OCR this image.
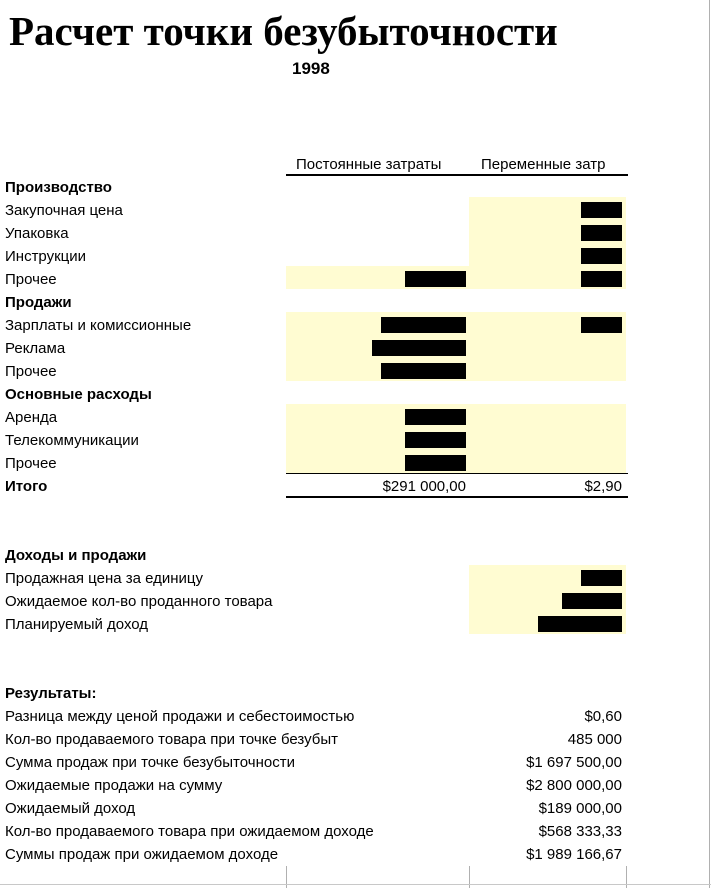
Расчет точки безубыточности
1998
Постоянные затраты	Переменные затр
Производство
Закупочная цена
Упаковка
Инструкции
Прочее
Продажи
Зарплаты и комиссионные
Реклама
Прочее
Основные расходы
Аренда
Телекоммуникации
Прочее
Итого	$291 000,00	$2,90
Доходы и продажи
Продажная цена за единицу
Ожидаемое кол-во проданного товара
Планируемый доход
Результаты:
Разница между ценой продажи и себестоимостью	$0,60
Кол-во продаваемого товара при точке безубыт	485 000
Сумма продаж при точке безубыточности	$1 697 500,00
Ожидаемые продажи на сумму	$2 800 000,00
Ожидаемый доход	$189 000,00
Кол-во продаваемого товара при ожидаемом доходе	$568 333,33
Суммы продаж при ожидаемом доходе	$1 989 166,67
